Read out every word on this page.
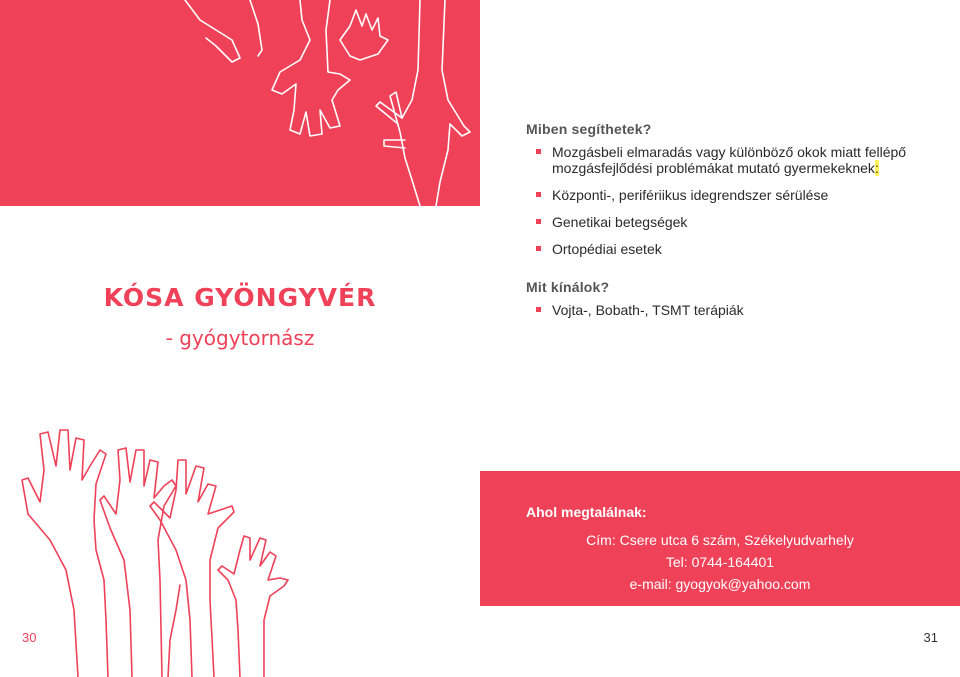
KÓSA GYÖNGYVÉR
- gyógytornász
30
Miben segíthetek?
Mozgásbeli elmaradás vagy különböző okok miatt fellépő mozgásfejlődési problémákat mutató gyermekeknek:
Központi-, perifériikus idegrendszer sérülése
Genetikai betegségek
Ortopédiai esetek
Mit kínálok?
Vojta-, Bobath-, TSMT terápiák
Ahol megtalálnak:
Cím: Csere utca 6 szám, Székelyudvarhely
Tel: 0744-164401
e-mail: gyogyok@yahoo.com
31
